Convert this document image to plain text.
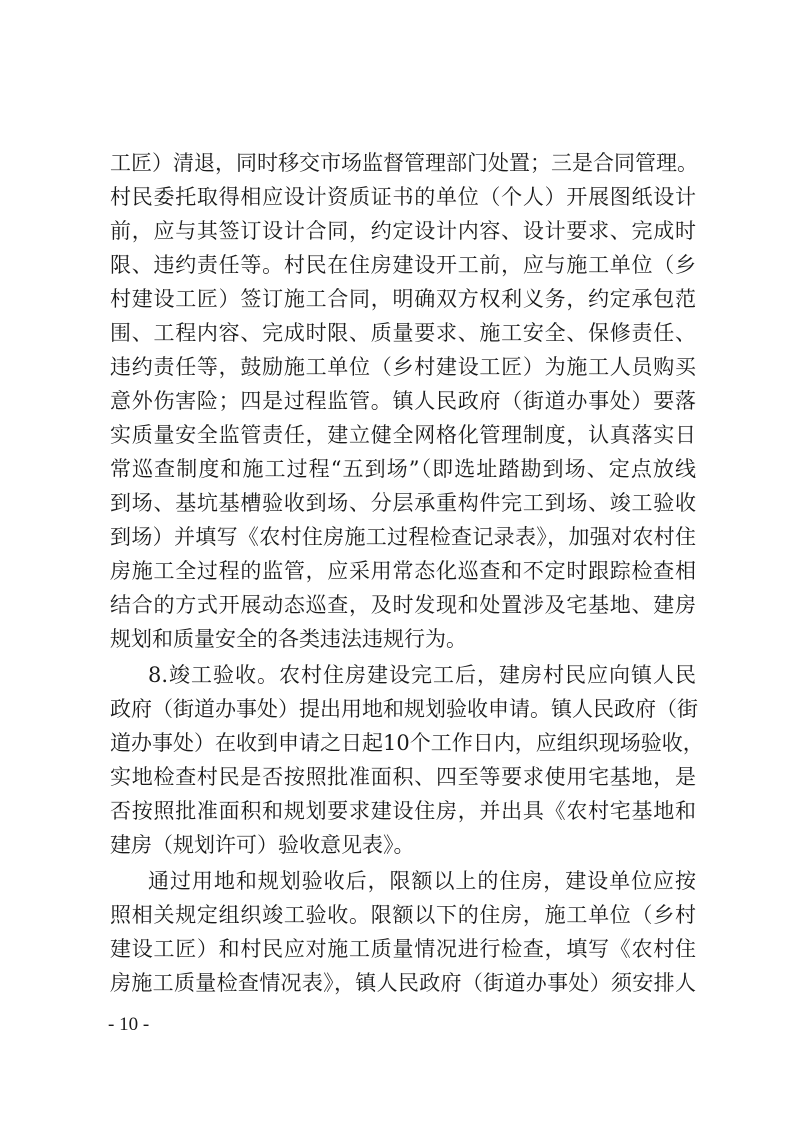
工匠）清退，同时移交市场监督管理部门处置；三是合同管理。
村民委托取得相应设计资质证书的单位（个人）开展图纸设计
前，应与其签订设计合同，约定设计内容、设计要求、完成时
限、违约责任等。村民在住房建设开工前，应与施工单位（乡
村建设工匠）签订施工合同，明确双方权利义务，约定承包范
围、工程内容、完成时限、质量要求、施工安全、保修责任、
违约责任等，鼓励施工单位（乡村建设工匠）为施工人员购买
意外伤害险；四是过程监管。镇人民政府（街道办事处）要落
实质量安全监管责任，建立健全网格化管理制度，认真落实日
常巡查制度和施工过程“五到场”（即选址踏勘到场、定点放线
到场、基坑基槽验收到场、分层承重构件完工到场、竣工验收
到场）并填写《农村住房施工过程检查记录表》，加强对农村住
房施工全过程的监管，应采用常态化巡查和不定时跟踪检查相
结合的方式开展动态巡查，及时发现和处置涉及宅基地、建房
规划和质量安全的各类违法违规行为。
8.竣工验收。农村住房建设完工后，建房村民应向镇人民
政府（街道办事处）提出用地和规划验收申请。镇人民政府（街
道办事处）在收到申请之日起10个工作日内，应组织现场验收，
实地检查村民是否按照批准面积、四至等要求使用宅基地，是
否按照批准面积和规划要求建设住房，并出具《农村宅基地和
建房（规划许可）验收意见表》。
通过用地和规划验收后，限额以上的住房，建设单位应按
照相关规定组织竣工验收。限额以下的住房，施工单位（乡村
建设工匠）和村民应对施工质量情况进行检查，填写《农村住
房施工质量检查情况表》，镇人民政府（街道办事处）须安排人
- 10 -
